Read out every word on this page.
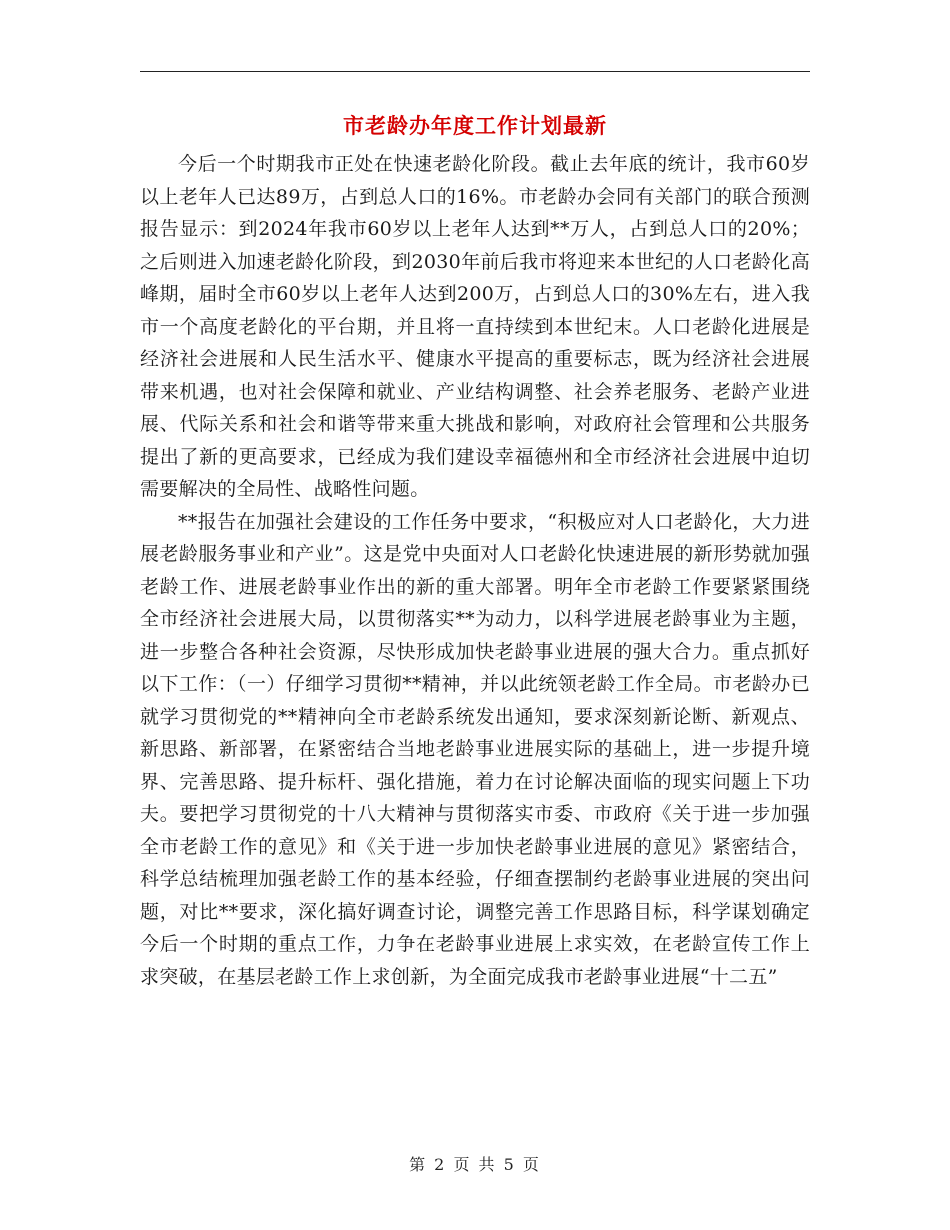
市老龄办年度工作计划最新

今后一个时期我市正处在快速老龄化阶段。截止去年底的统计，我市60岁以上老年人已达89万，占到总人口的16%。市老龄办会同有关部门的联合预测报告显示：到2024年我市60岁以上老年人达到**万人，占到总人口的20%；之后则进入加速老龄化阶段，到2030年前后我市将迎来本世纪的人口老龄化高峰期，届时全市60岁以上老年人达到200万，占到总人口的30%左右，进入我市一个高度老龄化的平台期，并且将一直持续到本世纪末。人口老龄化进展是经济社会进展和人民生活水平、健康水平提高的重要标志，既为经济社会进展带来机遇，也对社会保障和就业、产业结构调整、社会养老服务、老龄产业进展、代际关系和社会和谐等带来重大挑战和影响，对政府社会管理和公共服务提出了新的更高要求，已经成为我们建设幸福德州和全市经济社会进展中迫切需要解决的全局性、战略性问题。

**报告在加强社会建设的工作任务中要求，“积极应对人口老龄化，大力进展老龄服务事业和产业”。这是党中央面对人口老龄化快速进展的新形势就加强老龄工作、进展老龄事业作出的新的重大部署。明年全市老龄工作要紧紧围绕全市经济社会进展大局，以贯彻落实**为动力，以科学进展老龄事业为主题，进一步整合各种社会资源，尽快形成加快老龄事业进展的强大合力。重点抓好以下工作：（一）仔细学习贯彻**精神，并以此统领老龄工作全局。市老龄办已就学习贯彻党的**精神向全市老龄系统发出通知，要求深刻新论断、新观点、新思路、新部署，在紧密结合当地老龄事业进展实际的基础上，进一步提升境界、完善思路、提升标杆、强化措施，着力在讨论解决面临的现实问题上下功夫。要把学习贯彻党的十八大精神与贯彻落实市委、市政府《关于进一步加强全市老龄工作的意见》和《关于进一步加快老龄事业进展的意见》紧密结合，科学总结梳理加强老龄工作的基本经验，仔细查摆制约老龄事业进展的突出问题，对比**要求，深化搞好调查讨论，调整完善工作思路目标，科学谋划确定今后一个时期的重点工作，力争在老龄事业进展上求实效，在老龄宣传工作上求突破，在基层老龄工作上求创新，为全面完成我市老龄事业进展“十二五”

第 2 页 共 5 页
